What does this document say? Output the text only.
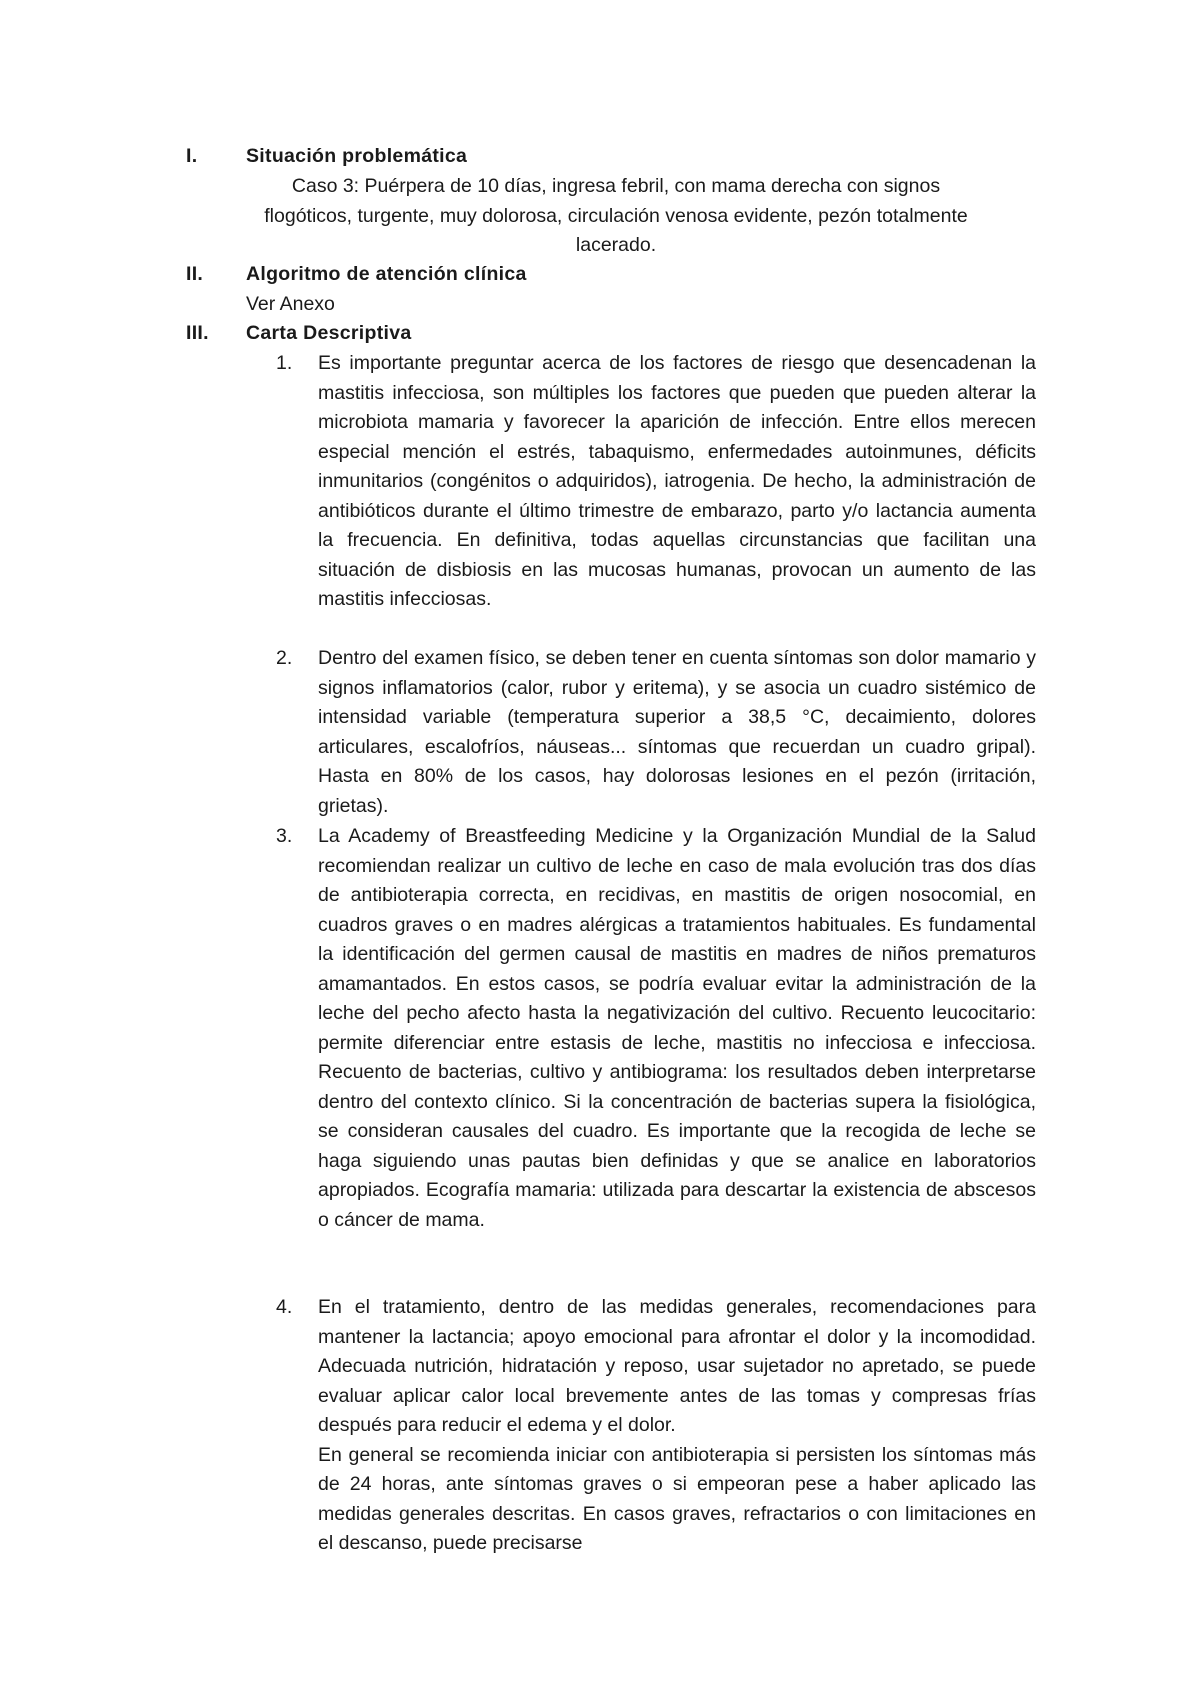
I.	Situación problemática
Caso 3: Puérpera de 10 días, ingresa febril, con mama derecha con signos flogóticos, turgente, muy dolorosa, circulación venosa evidente, pezón totalmente lacerado.
II.	Algoritmo de atención clínica
Ver Anexo
III.	Carta Descriptiva
1. Es importante preguntar acerca de los factores de riesgo que desencadenan la mastitis infecciosa, son múltiples los factores que pueden que pueden alterar la microbiota mamaria y favorecer la aparición de infección. Entre ellos merecen especial mención el estrés, tabaquismo, enfermedades autoinmunes, déficits inmunitarios (congénitos o adquiridos), iatrogenia. De hecho, la administración de antibióticos durante el último trimestre de embarazo, parto y/o lactancia aumenta la frecuencia. En definitiva, todas aquellas circunstancias que facilitan una situación de disbiosis en las mucosas humanas, provocan un aumento de las mastitis infecciosas.

2. Dentro del examen físico, se deben tener en cuenta síntomas son dolor mamario y signos inflamatorios (calor, rubor y eritema), y se asocia un cuadro sistémico de intensidad variable (temperatura superior a 38,5 °C, decaimiento, dolores articulares, escalofríos, náuseas... síntomas que recuerdan un cuadro gripal). Hasta en 80% de los casos, hay dolorosas lesiones en el pezón (irritación, grietas).

3. La Academy of Breastfeeding Medicine y la Organización Mundial de la Salud recomiendan realizar un cultivo de leche en caso de mala evolución tras dos días de antibioterapia correcta, en recidivas, en mastitis de origen nosocomial, en cuadros graves o en madres alérgicas a tratamientos habituales. Es fundamental la identificación del germen causal de mastitis en madres de niños prematuros amamantados. En estos casos, se podría evaluar evitar la administración de la leche del pecho afecto hasta la negativización del cultivo. Recuento leucocitario: permite diferenciar entre estasis de leche, mastitis no infecciosa e infecciosa. Recuento de bacterias, cultivo y antibiograma: los resultados deben interpretarse dentro del contexto clínico. Si la concentración de bacterias supera la fisiológica, se consideran causales del cuadro. Es importante que la recogida de leche se haga siguiendo unas pautas bien definidas y que se analice en laboratorios apropiados. Ecografía mamaria: utilizada para descartar la existencia de abscesos o cáncer de mama.

4. En el tratamiento, dentro de las medidas generales, recomendaciones para mantener la lactancia; apoyo emocional para afrontar el dolor y la incomodidad. Adecuada nutrición, hidratación y reposo, usar sujetador no apretado, se puede evaluar aplicar calor local brevemente antes de las tomas y compresas frías después para reducir el edema y el dolor.

En general se recomienda iniciar con antibioterapia si persisten los síntomas más de 24 horas, ante síntomas graves o si empeoran pese a haber aplicado las medidas generales descritas. En casos graves, refractarios o con limitaciones en el descanso, puede precisarse
